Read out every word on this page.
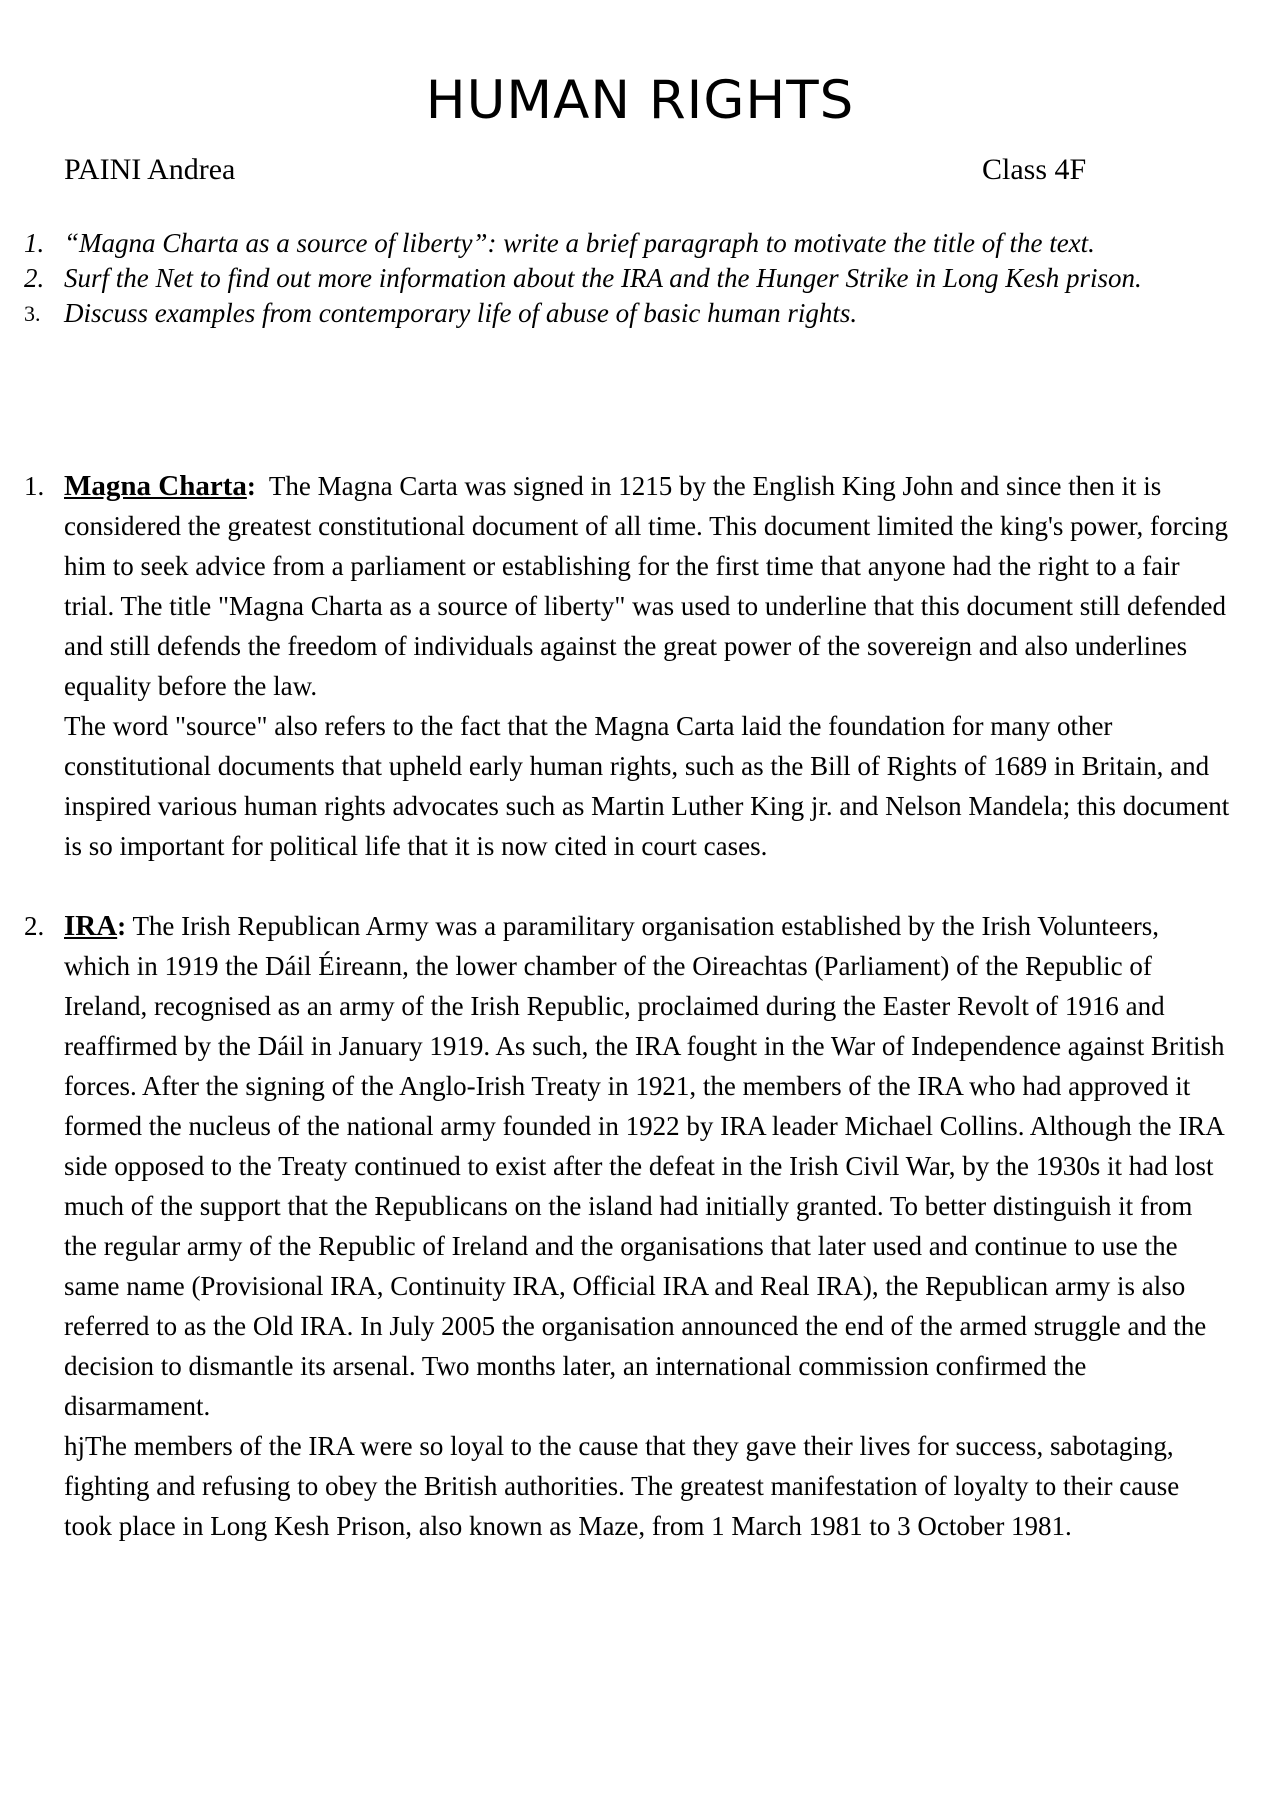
HUMAN RIGHTS
PAINI Andrea	Class 4F

1. “Magna Charta as a source of liberty”: write a brief paragraph to motivate the title of the text.

2. Surf the Net to find out more information about the IRA and the Hunger Strike in Long Kesh prison.

3. Discuss examples from contemporary life of abuse of basic human rights.

1. Magna Charta: The Magna Carta was signed in 1215 by the English King John and since then it is considered the greatest constitutional document of all time. This document limited the king's power, forcing him to seek advice from a parliament or establishing for the first time that anyone had the right to a fair trial. The title "Magna Charta as a source of liberty" was used to underline that this document still defended and still defends the freedom of individuals against the great power of the sovereign and also underlines equality before the law.

The word "source" also refers to the fact that the Magna Carta laid the foundation for many other constitutional documents that upheld early human rights, such as the Bill of Rights of 1689 in Britain, and inspired various human rights advocates such as Martin Luther King jr. and Nelson Mandela; this document is so important for political life that it is now cited in court cases.

2. IRA: The Irish Republican Army was a paramilitary organisation established by the Irish Volunteers, which in 1919 the Dáil Éireann, the lower chamber of the Oireachtas (Parliament) of the Republic of Ireland, recognised as an army of the Irish Republic, proclaimed during the Easter Revolt of 1916 and reaffirmed by the Dáil in January 1919. As such, the IRA fought in the War of Independence against British forces. After the signing of the Anglo-Irish Treaty in 1921, the members of the IRA who had approved it formed the nucleus of the national army founded in 1922 by IRA leader Michael Collins. Although the IRA side opposed to the Treaty continued to exist after the defeat in the Irish Civil War, by the 1930s it had lost much of the support that the Republicans on the island had initially granted. To better distinguish it from the regular army of the Republic of Ireland and the organisations that later used and continue to use the same name (Provisional IRA, Continuity IRA, Official IRA and Real IRA), the Republican army is also referred to as the Old IRA. In July 2005 the organisation announced the end of the armed struggle and the decision to dismantle its arsenal. Two months later, an international commission confirmed the disarmament.

hjThe members of the IRA were so loyal to the cause that they gave their lives for success, sabotaging, fighting and refusing to obey the British authorities. The greatest manifestation of loyalty to their cause took place in Long Kesh Prison, also known as Maze, from 1 March 1981 to 3 October 1981.
